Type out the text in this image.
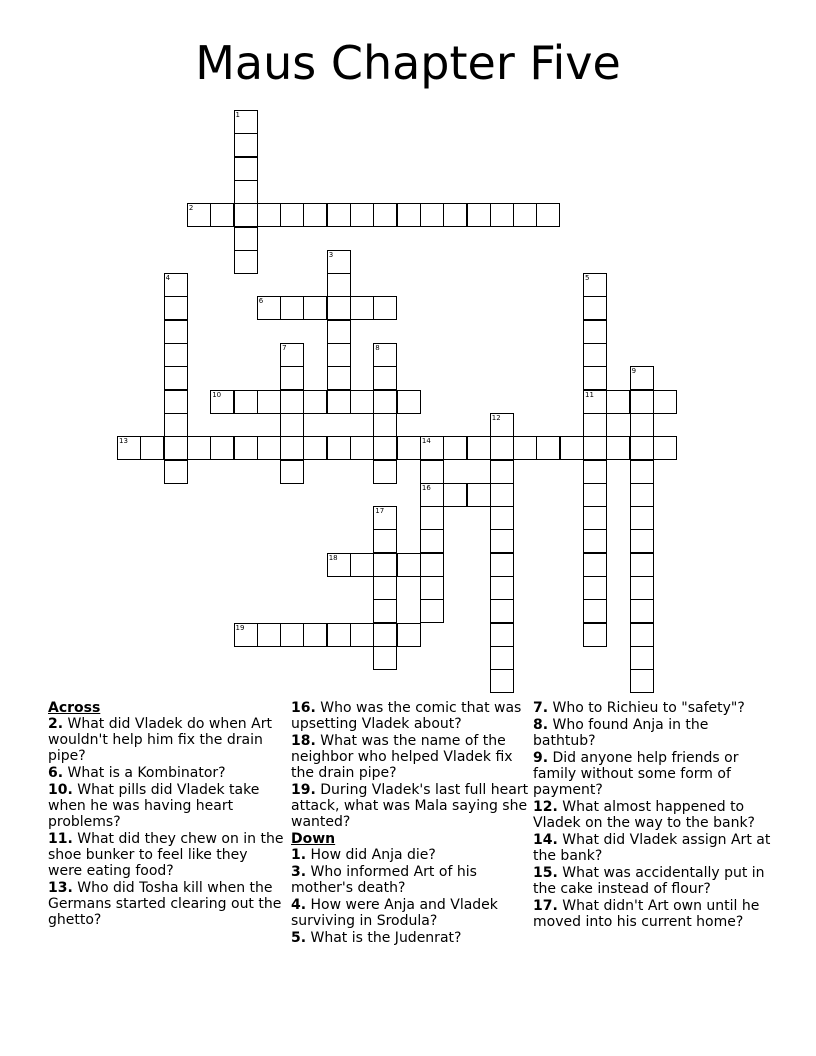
Maus Chapter Five
1
2
3
4	5
6
7	8
9
10	11
12
13	14
16
17
18
19
Across
2. What did Vladek do when Art wouldn't help him fix the drain pipe?
6. What is a Kombinator?
10. What pills did Vladek take when he was having heart problems?
11. What did they chew on in the shoe bunker to feel like they were eating food?
13. Who did Tosha kill when the Germans started clearing out the ghetto?
16. Who was the comic that was upsetting Vladek about?
18. What was the name of the neighbor who helped Vladek fix the drain pipe?
19. During Vladek's last full heart attack, what was Mala saying she wanted?
Down
1. How did Anja die?
3. Who informed Art of his mother's death?
4. How were Anja and Vladek surviving in Srodula?
5. What is the Judenrat?
7. Who to Richieu to "safety"?
8. Who found Anja in the bathtub?
9. Did anyone help friends or family without some form of payment?
12. What almost happened to Vladek on the way to the bank?
14. What did Vladek assign Art at the bank?
15. What was accidentally put in the cake instead of flour?
17. What didn't Art own until he moved into his current home?
